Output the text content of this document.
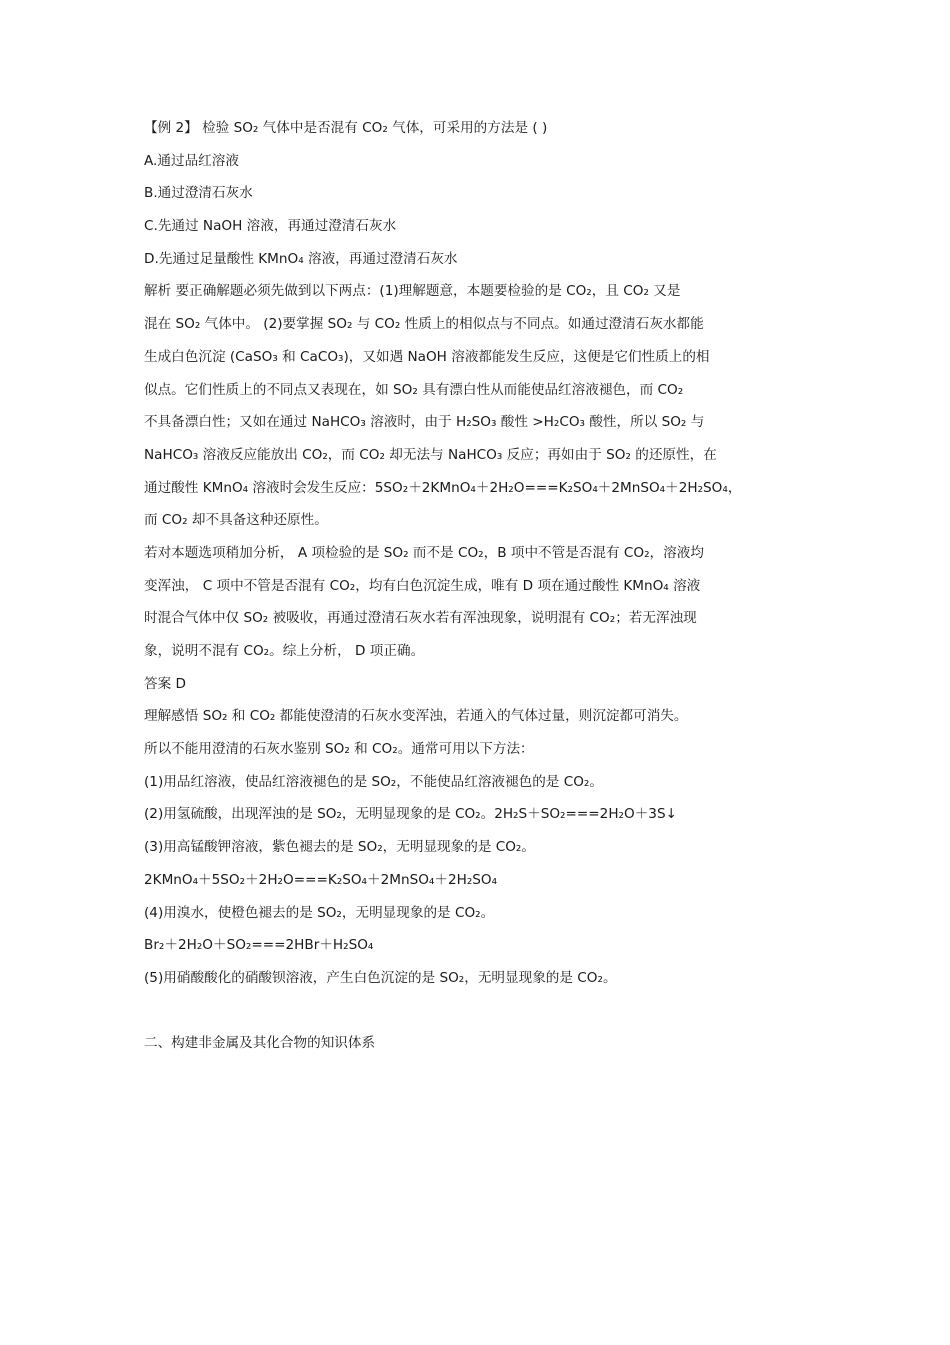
【例 2】 检验 SO₂ 气体中是否混有 CO₂ 气体，可采用的方法是 ( )
A.通过品红溶液
B.通过澄清石灰水
C.先通过 NaOH 溶液，再通过澄清石灰水
D.先通过足量酸性 KMnO₄ 溶液，再通过澄清石灰水
解析 要正确解题必须先做到以下两点：(1)理解题意，本题要检验的是 CO₂，且 CO₂ 又是
混在 SO₂ 气体中。 (2)要掌握 SO₂ 与 CO₂ 性质上的相似点与不同点。如通过澄清石灰水都能
生成白色沉淀 (CaSO₃ 和 CaCO₃)，又如遇 NaOH 溶液都能发生反应，这便是它们性质上的相
似点。它们性质上的不同点又表现在，如 SO₂ 具有漂白性从而能使品红溶液褪色，而 CO₂
不具备漂白性；又如在通过 NaHCO₃ 溶液时，由于 H₂SO₃ 酸性 >H₂CO₃ 酸性，所以 SO₂ 与
NaHCO₃ 溶液反应能放出 CO₂，而 CO₂ 却无法与 NaHCO₃ 反应；再如由于 SO₂ 的还原性，在
通过酸性 KMnO₄ 溶液时会发生反应：5SO₂＋2KMnO₄＋2H₂O===K₂SO₄＋2MnSO₄＋2H₂SO₄，
而 CO₂ 却不具备这种还原性。
若对本题选项稍加分析， A 项检验的是 SO₂ 而不是 CO₂，B 项中不管是否混有 CO₂，溶液均
变浑浊， C 项中不管是否混有 CO₂，均有白色沉淀生成，唯有 D 项在通过酸性 KMnO₄ 溶液
时混合气体中仅 SO₂ 被吸收，再通过澄清石灰水若有浑浊现象，说明混有 CO₂；若无浑浊现
象，说明不混有 CO₂。综上分析， D 项正确。
答案 D
理解感悟 SO₂ 和 CO₂ 都能使澄清的石灰水变浑浊，若通入的气体过量，则沉淀都可消失。
所以不能用澄清的石灰水鉴别 SO₂ 和 CO₂。通常可用以下方法：
(1)用品红溶液，使品红溶液褪色的是 SO₂，不能使品红溶液褪色的是 CO₂。
(2)用氢硫酸，出现浑浊的是 SO₂，无明显现象的是 CO₂。2H₂S＋SO₂===2H₂O＋3S↓
(3)用高锰酸钾溶液，紫色褪去的是 SO₂，无明显现象的是 CO₂。
2KMnO₄＋5SO₂＋2H₂O===K₂SO₄＋2MnSO₄＋2H₂SO₄
(4)用溴水，使橙色褪去的是 SO₂，无明显现象的是 CO₂。
Br₂＋2H₂O＋SO₂===2HBr＋H₂SO₄
(5)用硝酸酸化的硝酸钡溶液，产生白色沉淀的是 SO₂，无明显现象的是 CO₂。
二、构建非金属及其化合物的知识体系
